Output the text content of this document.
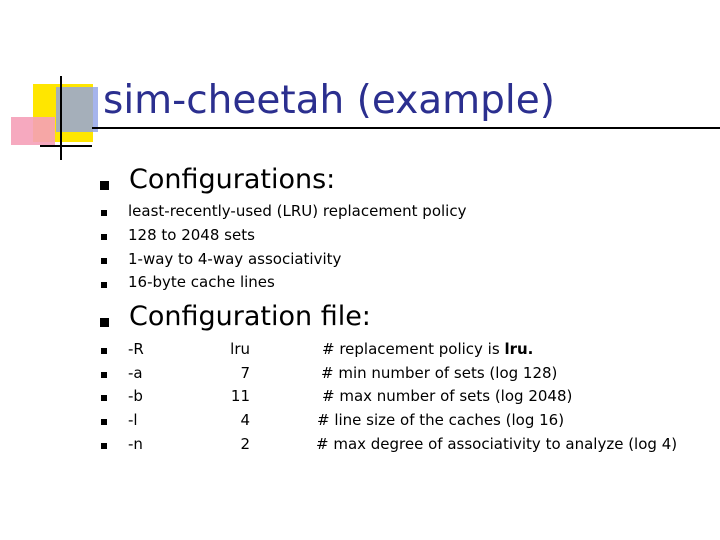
sim-cheetah (example)
Configurations:
least-recently-used (LRU) replacement policy
128 to 2048 sets
1-way to 4-way associativity
16-byte cache lines
Configuration file:
-R	lru	# replacement policy is lru.
-a	7	# min number of sets (log 128)
-b	11	# max number of sets (log 2048)
-l	4	# line size of the caches (log 16)
-n	2	# max degree of associativity to analyze (log 4)
